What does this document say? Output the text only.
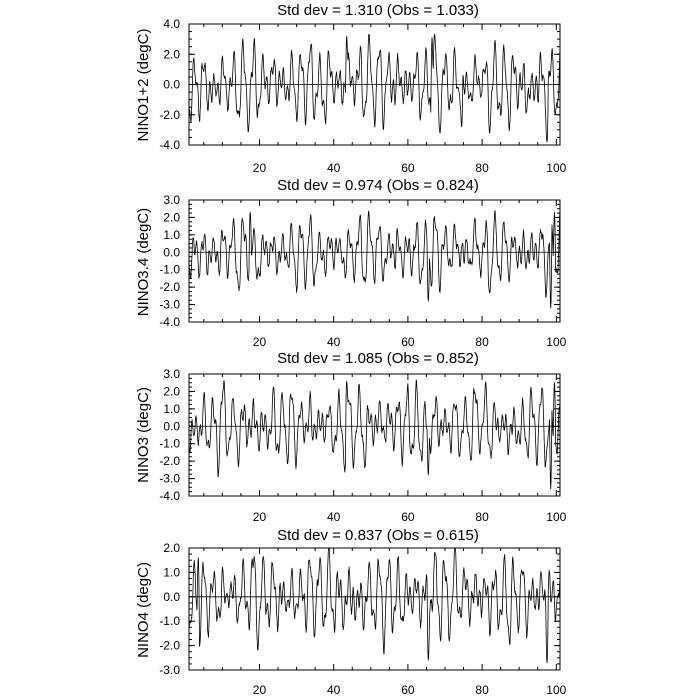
Std dev = 1.310 (Obs = 1.033)
NINO1+2 (degC)
4.0
2.0
0.0
-2.0
-4.0
20	40	60	80	100
Std dev = 0.974 (Obs = 0.824)
NINO3.4 (degC)
3.0
2.0
1.0
0.0
-1.0
-2.0
-3.0
-4.0
20	40	60	80	100
Std dev = 1.085 (Obs = 0.852)
NINO3 (degC)
3.0
2.0
1.0
0.0
-1.0
-2.0
-3.0
-4.0
20	40	60	80	100
Std dev = 0.837 (Obs = 0.615)
NINO4 (degC)
2.0
1.0
0.0
-1.0
-2.0
-3.0
20	40	60	80	100
